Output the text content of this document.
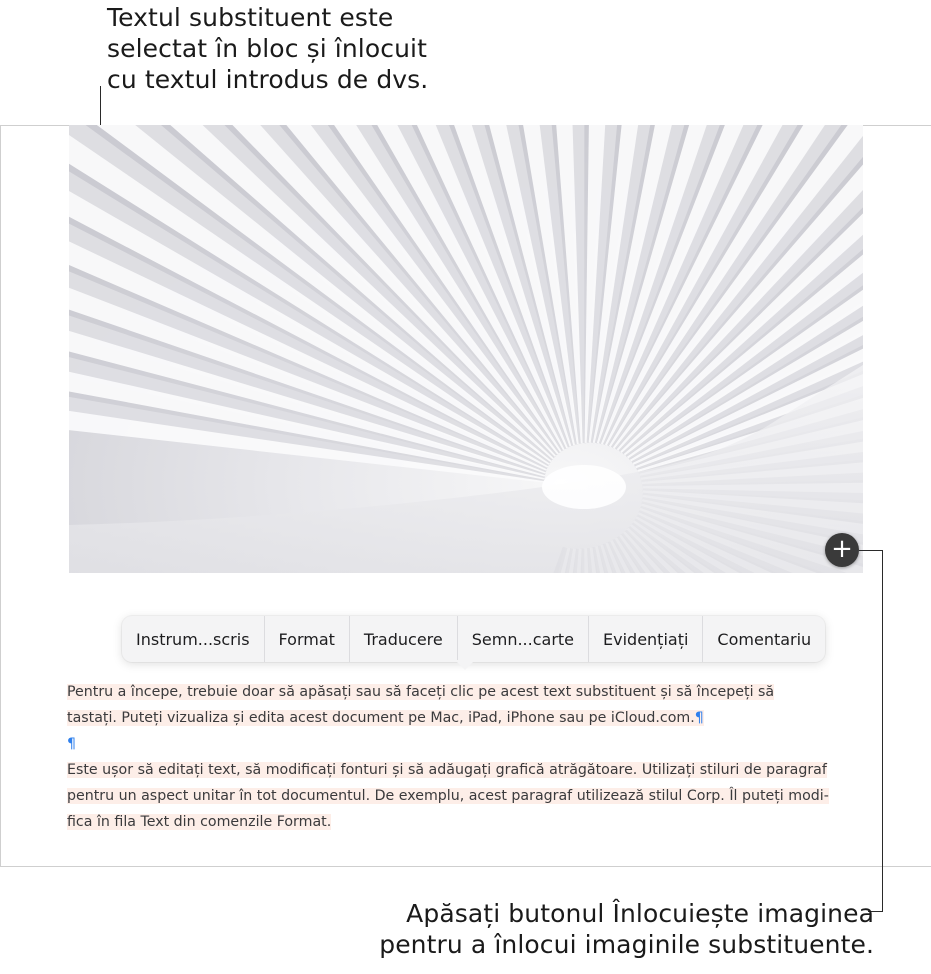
Textul substituent este
selectat în bloc și înlocuit
cu textul introdus de dvs.
+
Instrum...scris	Format	Traducere	Semn...carte	Evidențiați	Comentariu
Pentru a începe, trebuie doar să apăsați sau să faceți clic pe acest text substituent și să începeți să
tastați. Puteți vizualiza și edita acest document pe Mac, iPad, iPhone sau pe iCloud.com.¶
¶
Este ușor să editați text, să modificați fonturi și să adăugați grafică atrăgătoare. Utilizați stiluri de paragraf
pentru un aspect unitar în tot documentul. De exemplu, acest paragraf utilizează stilul Corp. Îl puteți modi-
fica în fila Text din comenzile Format.
Apăsați butonul Înlocuiește imaginea
pentru a înlocui imaginile substituente.
